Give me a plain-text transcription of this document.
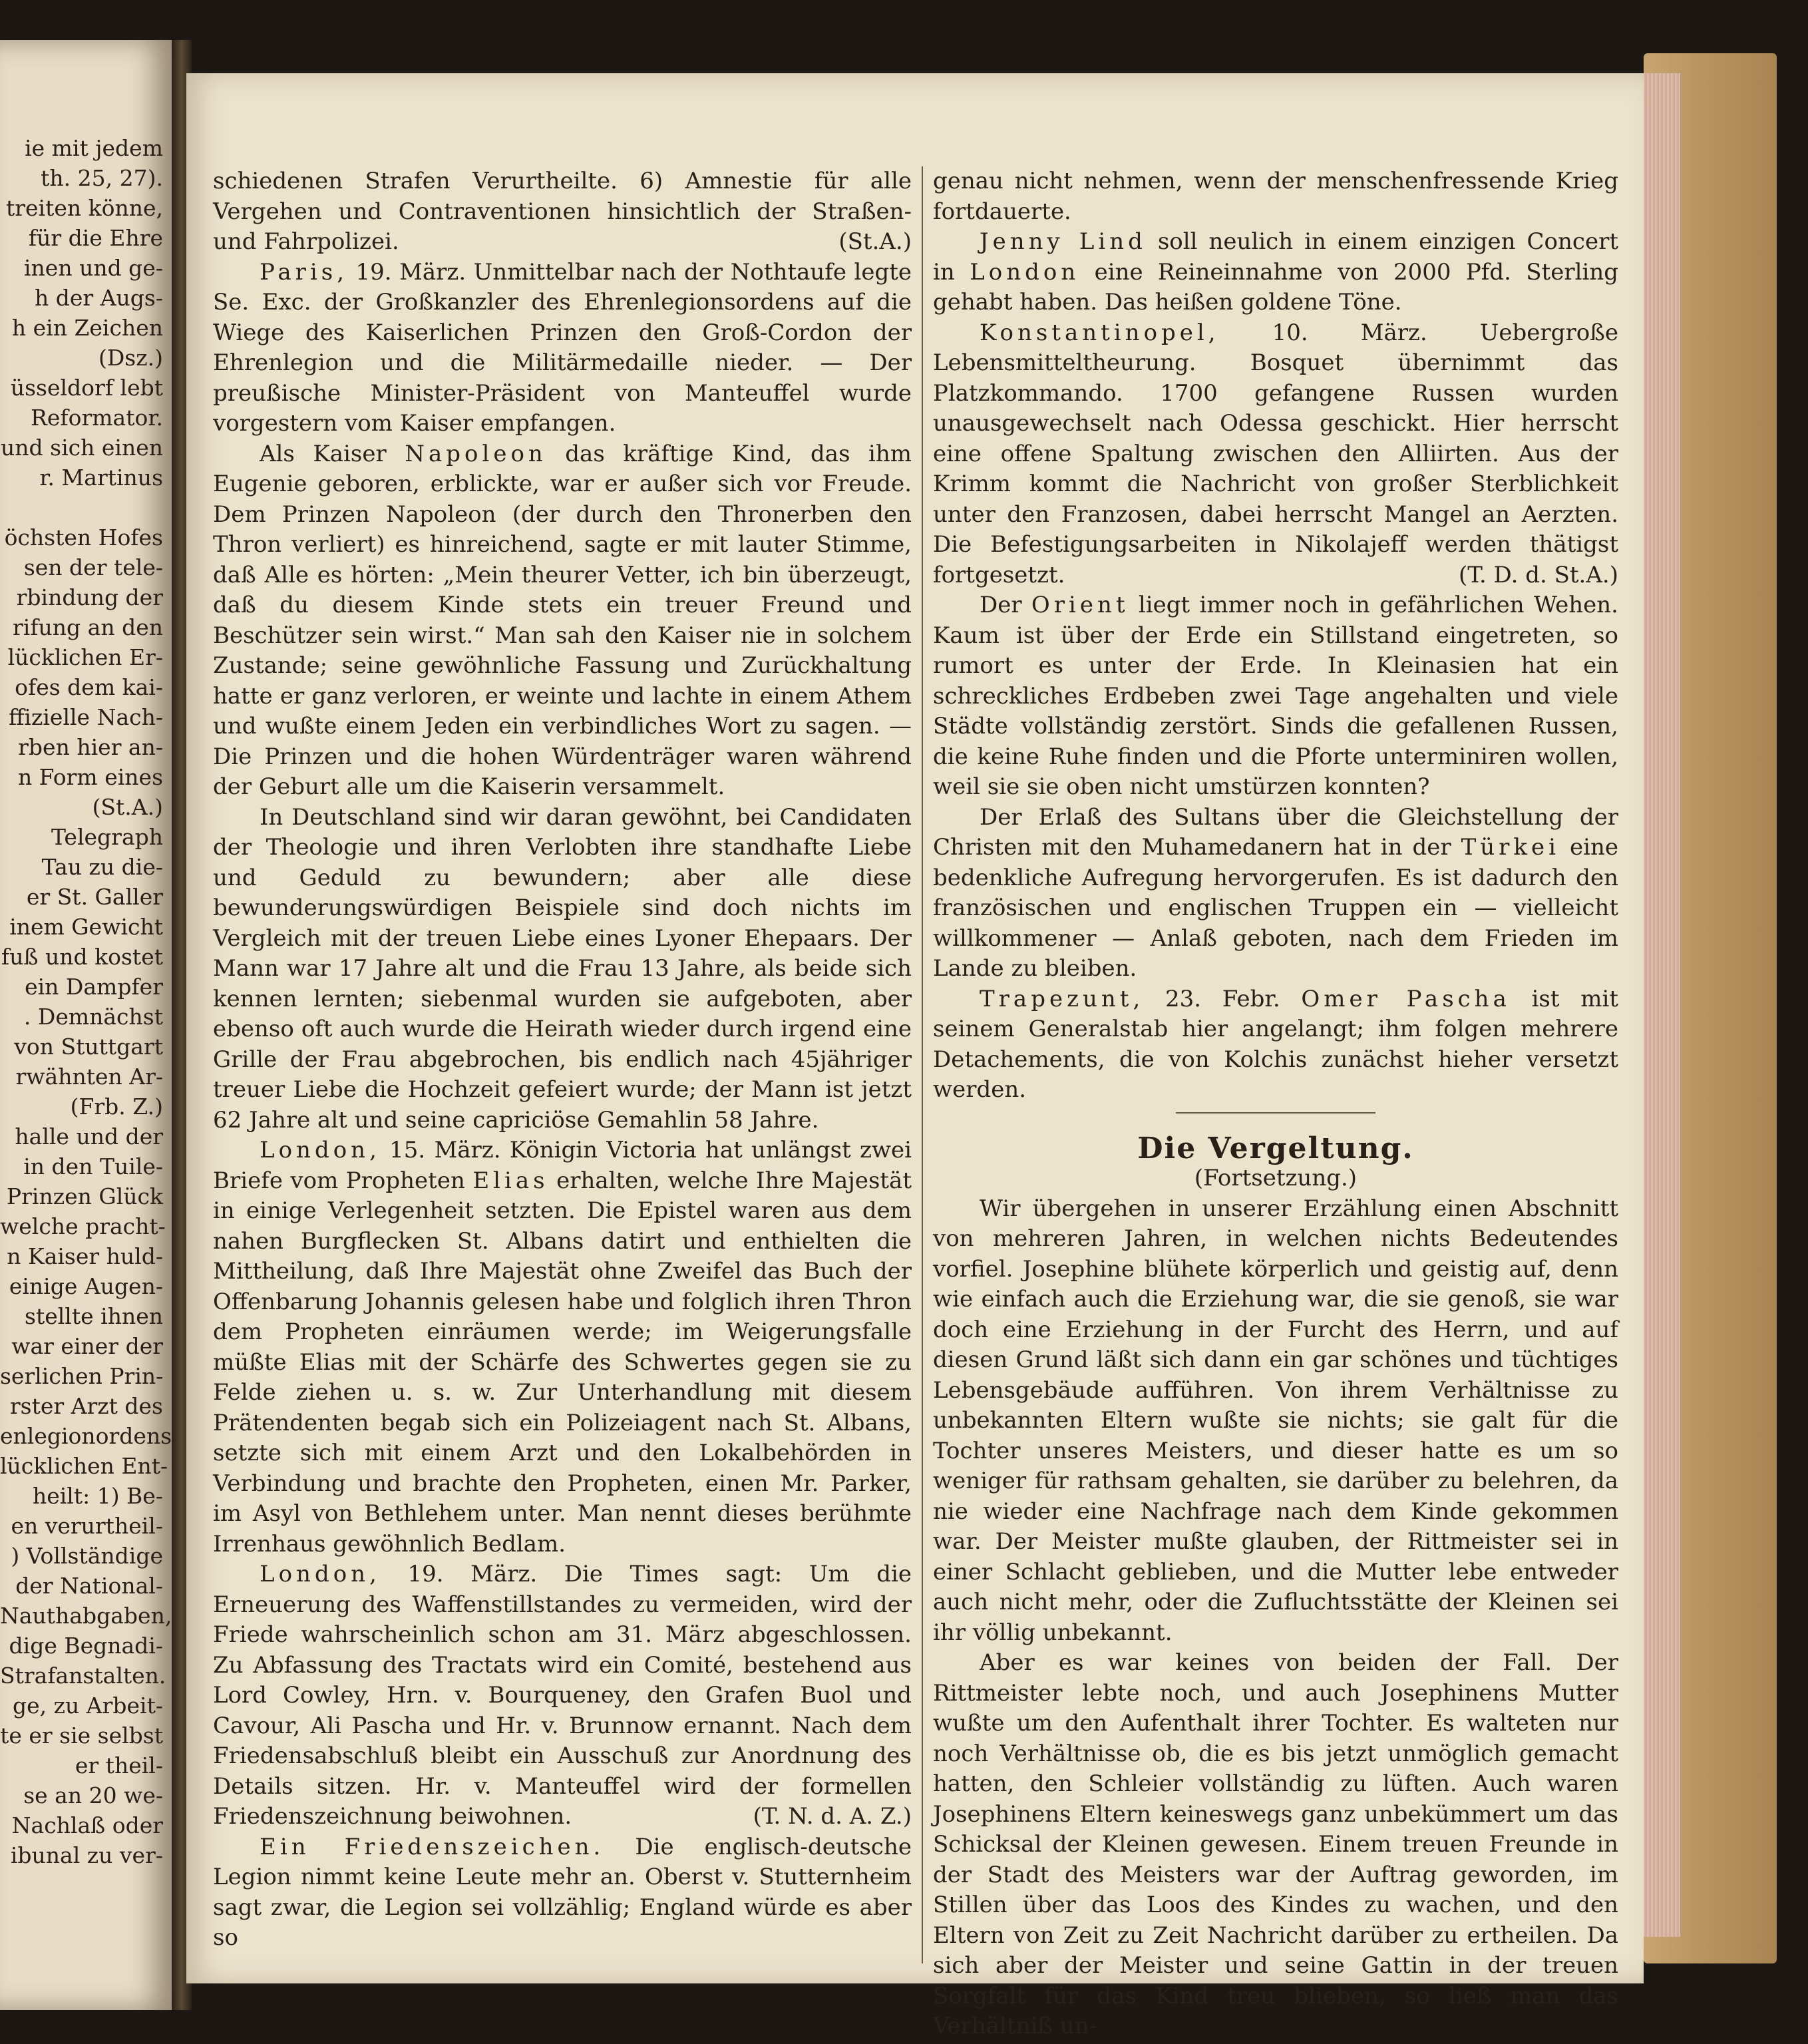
ie mit jedem

th. 25, 27).

treiten könne,

für die Ehre

inen und ge-

h der Augs-

h ein Zeichen

(Dsz.)

üsseldorf lebt

Reformator.

und sich einen

r. Martinus

öchsten Hofes

sen der tele-

rbindung der

rifung an den

lücklichen Er-

ofes dem kai-

ffizielle Nach-

rben hier an-

n Form eines

(St.A.)

Telegraph

Tau zu die-

er St. Galler

inem Gewicht

fuß und kostet

ein Dampfer

. Demnächst

von Stuttgart

rwähnten Ar-

(Frb. Z.)

halle und der

in den Tuile-

Prinzen Glück

welche pracht-

n Kaiser huld-

einige Augen-

stellte ihnen

war einer der

serlichen Prin-

rster Arzt des

enlegionordens

lücklichen Ent-

heilt: 1) Be-

en verurtheil-

) Vollständige

der National-

Nauthabgaben,

dige Begnadi-

Strafanstalten.

ge, zu Arbeit-

te er sie selbst

er theil-

se an 20 we-

Nachlaß oder

ibunal zu ver-

schiedenen Strafen Verurtheilte. 6) Amnestie für alle Vergehen und Contraventionen hinsichtlich der Straßen- und Fahrpolizei.	(St.A.)

Paris, 19. März. Unmittelbar nach der Nothtaufe legte Se. Exc. der Großkanzler des Ehrenlegionsordens auf die Wiege des Kaiserlichen Prinzen den Groß-Cordon der Ehrenlegion und die Militärmedaille nieder. — Der preußische Minister-Präsident von Manteuffel wurde vorgestern vom Kaiser empfangen.

Als Kaiser Napoleon das kräftige Kind, das ihm Eugenie geboren, erblickte, war er außer sich vor Freude. Dem Prinzen Napoleon (der durch den Thronerben den Thron verliert) es hinreichend, sagte er mit lauter Stimme, daß Alle es hörten: „Mein theurer Vetter, ich bin überzeugt, daß du diesem Kinde stets ein treuer Freund und Beschützer sein wirst.“ Man sah den Kaiser nie in solchem Zustande; seine gewöhnliche Fassung und Zurückhaltung hatte er ganz verloren, er weinte und lachte in einem Athem und wußte einem Jeden ein verbindliches Wort zu sagen. — Die Prinzen und die hohen Würdenträger waren während der Geburt alle um die Kaiserin versammelt.

In Deutschland sind wir daran gewöhnt, bei Candidaten der Theologie und ihren Verlobten ihre standhafte Liebe und Geduld zu bewundern; aber alle diese bewunderungswürdigen Beispiele sind doch nichts im Vergleich mit der treuen Liebe eines Lyoner Ehepaars. Der Mann war 17 Jahre alt und die Frau 13 Jahre, als beide sich kennen lernten; siebenmal wurden sie aufgeboten, aber ebenso oft auch wurde die Heirath wieder durch irgend eine Grille der Frau abgebrochen, bis endlich nach 45jähriger treuer Liebe die Hochzeit gefeiert wurde; der Mann ist jetzt 62 Jahre alt und seine capriciöse Gemahlin 58 Jahre.

London, 15. März. Königin Victoria hat unlängst zwei Briefe vom Propheten Elias erhalten, welche Ihre Majestät in einige Verlegenheit setzten. Die Epistel waren aus dem nahen Burgflecken St. Albans datirt und enthielten die Mittheilung, daß Ihre Majestät ohne Zweifel das Buch der Offenbarung Johannis gelesen habe und folglich ihren Thron dem Propheten einräumen werde; im Weigerungsfalle müßte Elias mit der Schärfe des Schwertes gegen sie zu Felde ziehen u. s. w. Zur Unterhandlung mit diesem Prätendenten begab sich ein Polizeiagent nach St. Albans, setzte sich mit einem Arzt und den Lokalbehörden in Verbindung und brachte den Propheten, einen Mr. Parker, im Asyl von Bethlehem unter. Man nennt dieses berühmte Irrenhaus gewöhnlich Bedlam.

London, 19. März. Die Times sagt: Um die Erneuerung des Waffenstillstandes zu vermeiden, wird der Friede wahrscheinlich schon am 31. März abgeschlossen. Zu Abfassung des Tractats wird ein Comité, bestehend aus Lord Cowley, Hrn. v. Bourqueney, den Grafen Buol und Cavour, Ali Pascha und Hr. v. Brunnow ernannt. Nach dem Friedensabschluß bleibt ein Ausschuß zur Anordnung des Details sitzen. Hr. v. Manteuffel wird der formellen Friedenszeichnung beiwohnen.	(T. N. d. A. Z.)

Ein Friedenszeichen. Die englisch-deutsche Legion nimmt keine Leute mehr an. Oberst v. Stutternheim sagt zwar, die Legion sei vollzählig; England würde es aber so

genau nicht nehmen, wenn der menschenfressende Krieg fortdauerte.

Jenny Lind soll neulich in einem einzigen Concert in London eine Reineinnahme von 2000 Pfd. Sterling gehabt haben. Das heißen goldene Töne.

Konstantinopel, 10. März. Uebergroße Lebensmitteltheurung. Bosquet übernimmt das Platzkommando. 1700 gefangene Russen wurden unausgewechselt nach Odessa geschickt. Hier herrscht eine offene Spaltung zwischen den Alliirten. Aus der Krimm kommt die Nachricht von großer Sterblichkeit unter den Franzosen, dabei herrscht Mangel an Aerzten. Die Befestigungsarbeiten in Nikolajeff werden thätigst fortgesetzt.	(T. D. d. St.A.)

Der Orient liegt immer noch in gefährlichen Wehen. Kaum ist über der Erde ein Stillstand eingetreten, so rumort es unter der Erde. In Kleinasien hat ein schreckliches Erdbeben zwei Tage angehalten und viele Städte vollständig zerstört. Sinds die gefallenen Russen, die keine Ruhe finden und die Pforte unterminiren wollen, weil sie sie oben nicht umstürzen konnten?

Der Erlaß des Sultans über die Gleichstellung der Christen mit den Muhamedanern hat in der Türkei eine bedenkliche Aufregung hervorgerufen. Es ist dadurch den französischen und englischen Truppen ein — vielleicht willkommener — Anlaß geboten, nach dem Frieden im Lande zu bleiben.

Trapezunt, 23. Febr. Omer Pascha ist mit seinem Generalstab hier angelangt; ihm folgen mehrere Detachements, die von Kolchis zunächst hieher versetzt werden.

Die Vergeltung.

(Fortsetzung.)

Wir übergehen in unserer Erzählung einen Abschnitt von mehreren Jahren, in welchen nichts Bedeutendes vorfiel. Josephine blühete körperlich und geistig auf, denn wie einfach auch die Erziehung war, die sie genoß, sie war doch eine Erziehung in der Furcht des Herrn, und auf diesen Grund läßt sich dann ein gar schönes und tüchtiges Lebensgebäude aufführen. Von ihrem Verhältnisse zu unbekannten Eltern wußte sie nichts; sie galt für die Tochter unseres Meisters, und dieser hatte es um so weniger für rathsam gehalten, sie darüber zu belehren, da nie wieder eine Nachfrage nach dem Kinde gekommen war. Der Meister mußte glauben, der Rittmeister sei in einer Schlacht geblieben, und die Mutter lebe entweder auch nicht mehr, oder die Zufluchtsstätte der Kleinen sei ihr völlig unbekannt.

Aber es war keines von beiden der Fall. Der Rittmeister lebte noch, und auch Josephinens Mutter wußte um den Aufenthalt ihrer Tochter. Es walteten nur noch Verhältnisse ob, die es bis jetzt unmöglich gemacht hatten, den Schleier vollständig zu lüften. Auch waren Josephinens Eltern keineswegs ganz unbekümmert um das Schicksal der Kleinen gewesen. Einem treuen Freunde in der Stadt des Meisters war der Auftrag geworden, im Stillen über das Loos des Kindes zu wachen, und den Eltern von Zeit zu Zeit Nachricht darüber zu ertheilen. Da sich aber der Meister und seine Gattin in der treuen Sorgfalt für das Kind treu blieben, so ließ man das Verhältniß un-
